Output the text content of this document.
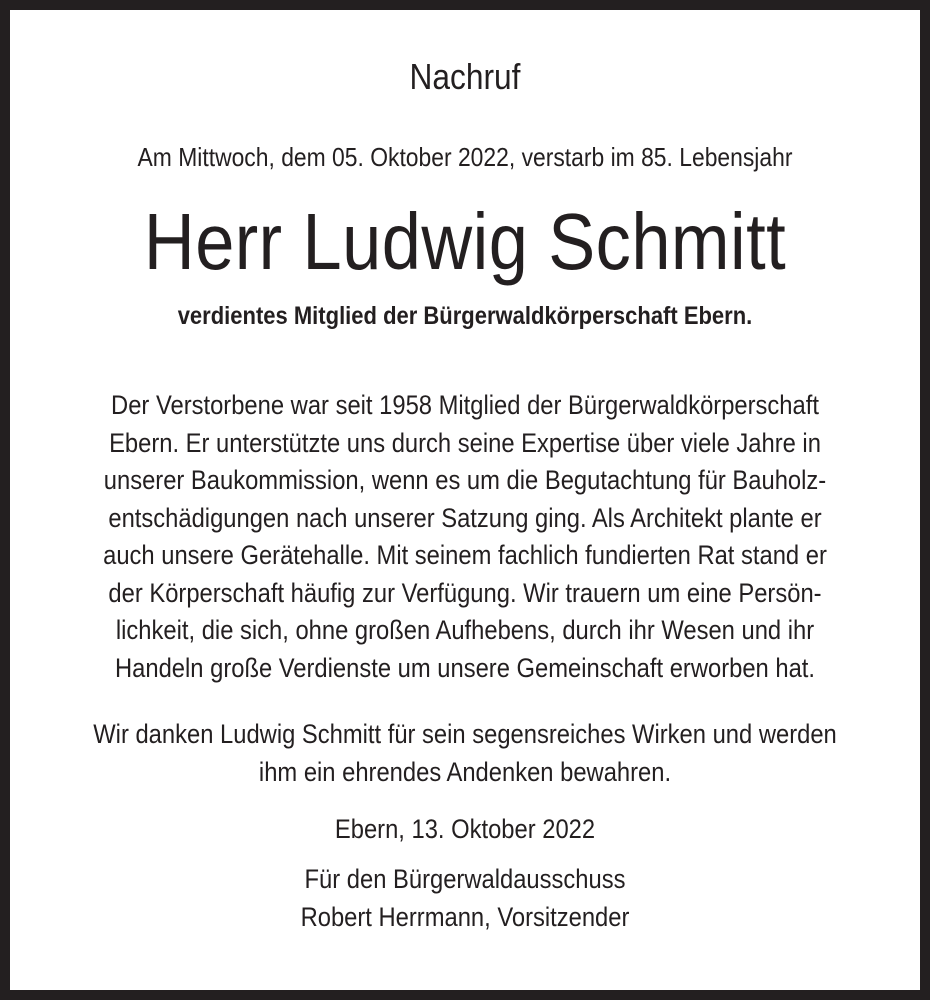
Nachruf
Am Mittwoch, dem 05. Oktober 2022, verstarb im 85. Lebensjahr
Herr Ludwig Schmitt
verdientes Mitglied der Bürgerwaldkörperschaft Ebern.
Der Verstorbene war seit 1958 Mitglied der Bürgerwaldkörperschaft
Ebern. Er unterstützte uns durch seine Expertise über viele Jahre in
unserer Baukommission, wenn es um die Begutachtung für Bauholz-
entschädigungen nach unserer Satzung ging. Als Architekt plante er
auch unsere Gerätehalle. Mit seinem fachlich fundierten Rat stand er
der Körperschaft häufig zur Verfügung. Wir trauern um eine Persön-
lichkeit, die sich, ohne großen Aufhebens, durch ihr Wesen und ihr
Handeln große Verdienste um unsere Gemeinschaft erworben hat.
Wir danken Ludwig Schmitt für sein segensreiches Wirken und werden
ihm ein ehrendes Andenken bewahren.
Ebern, 13. Oktober 2022
Für den Bürgerwaldausschuss
Robert Herrmann, Vorsitzender
